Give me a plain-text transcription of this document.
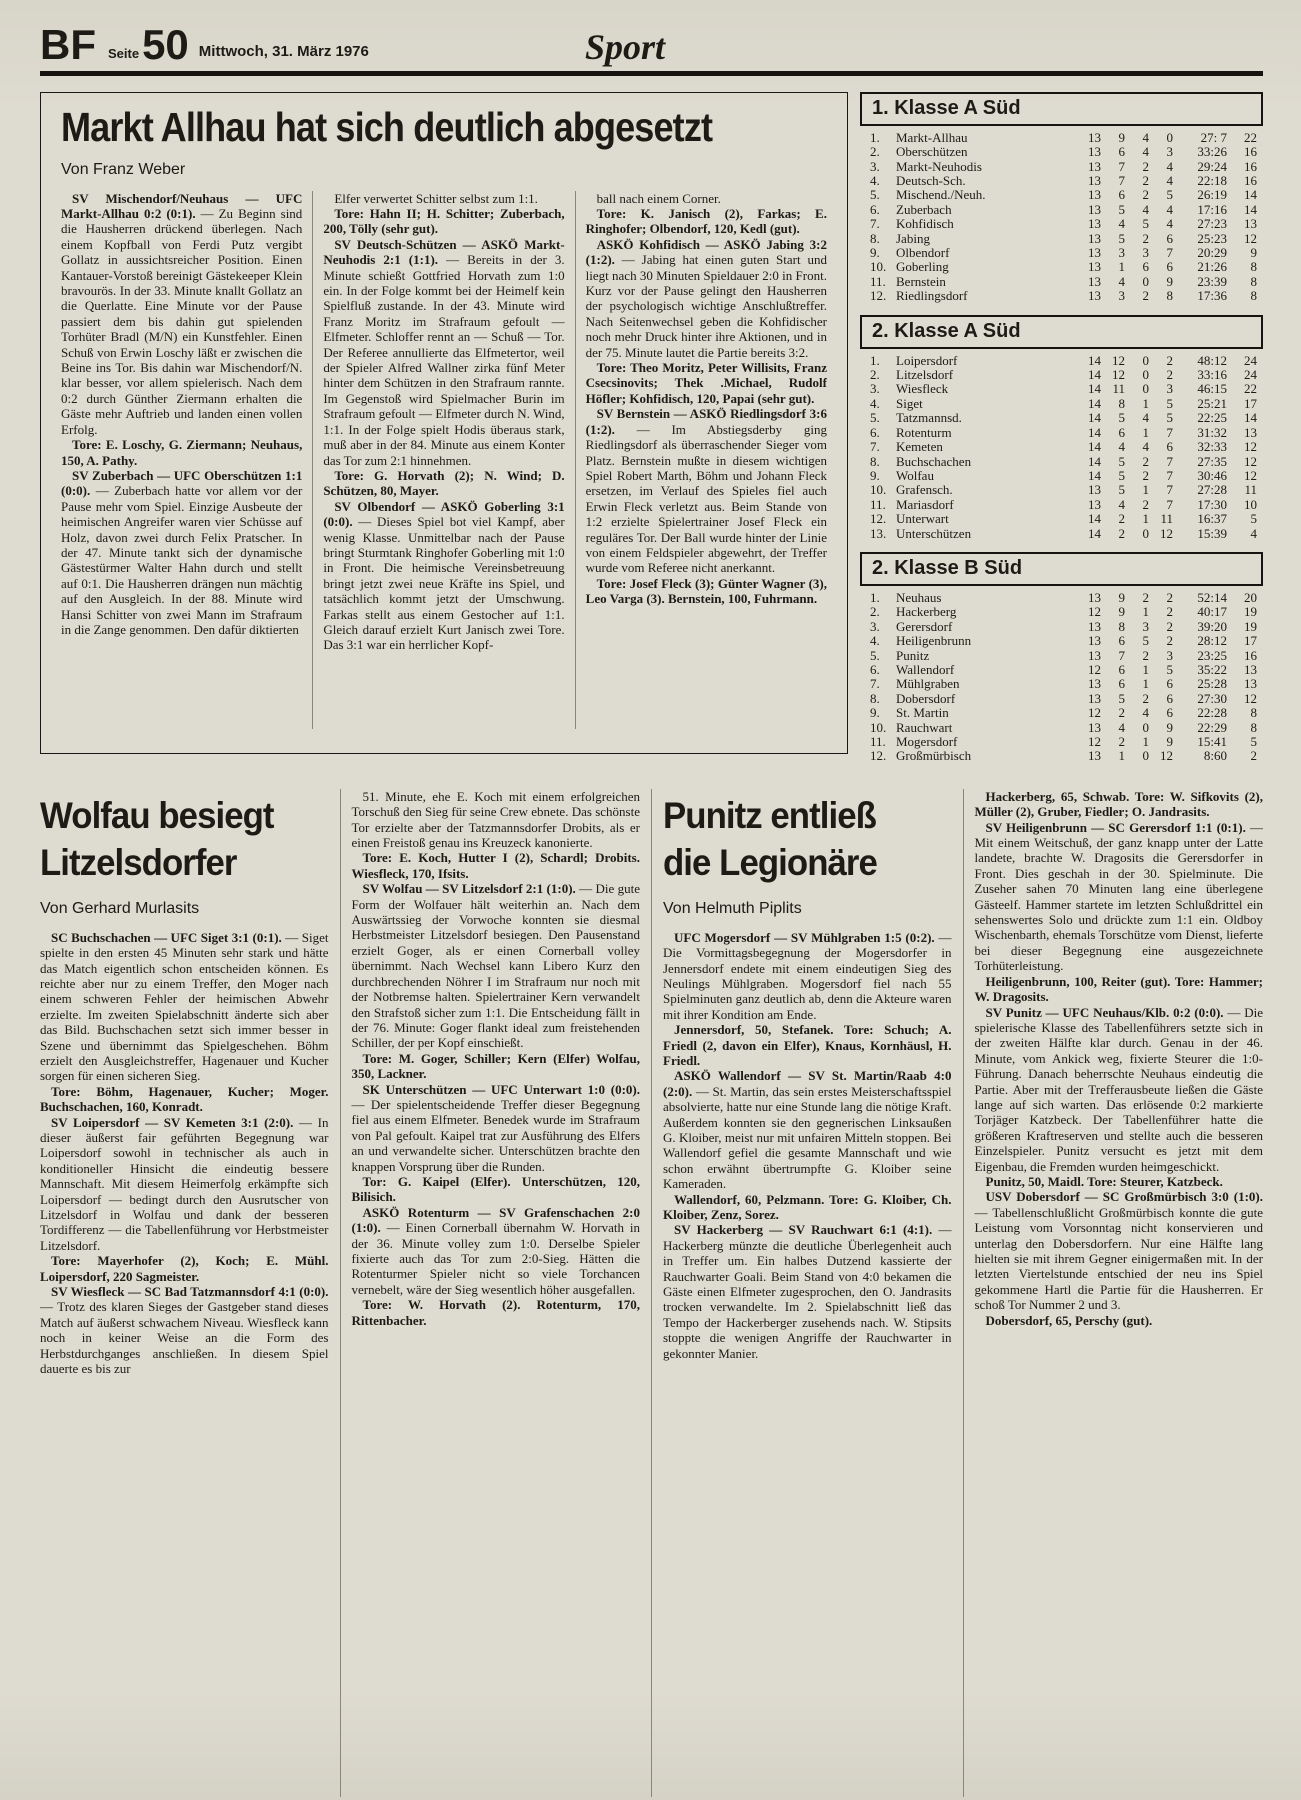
BF Seite 50 Mittwoch, 31. März 1976	Sport
Markt Allhau hat sich deutlich abgesetzt
Von Franz Weber

SV Mischendorf/Neuhaus — UFC Markt-Allhau 0:2 (0:1). — Zu Beginn sind die Hausherren drückend überlegen. Nach einem Kopfball von Ferdi Putz vergibt Gollatz in aussichtsreicher Position. Einen Kantauer-Vorstoß bereinigt Gästekeeper Klein bravourös. In der 33. Minute knallt Gollatz an die Querlatte. Eine Minute vor der Pause passiert dem bis dahin gut spielenden Torhüter Bradl (M/N) ein Kunstfehler. Einen Schuß von Erwin Loschy läßt er zwischen die Beine ins Tor. Bis dahin war Mischendorf/N. klar besser, vor allem spielerisch. Nach dem 0:2 durch Günther Ziermann erhalten die Gäste mehr Auftrieb und landen einen vollen Erfolg.

Tore: E. Loschy, G. Ziermann; Neuhaus, 150, A. Pathy.

SV Zuberbach — UFC Oberschützen 1:1 (0:0). — Zuberbach hatte vor allem vor der Pause mehr vom Spiel. Einzige Ausbeute der heimischen Angreifer waren vier Schüsse auf Holz, davon zwei durch Felix Pratscher. In der 47. Minute tankt sich der dynamische Gästestürmer Walter Hahn durch und stellt auf 0:1. Die Hausherren drängen nun mächtig auf den Ausgleich. In der 88. Minute wird Hansi Schitter von zwei Mann im Strafraum in die Zange genommen. Den dafür diktierten

Elfer verwertet Schitter selbst zum 1:1.

Tore: Hahn II; H. Schitter; Zuberbach, 200, Tölly (sehr gut).

SV Deutsch-Schützen — ASKÖ Markt-Neuhodis 2:1 (1:1). — Bereits in der 3. Minute schießt Gottfried Horvath zum 1:0 ein. In der Folge kommt bei der Heimelf kein Spielfluß zustande. In der 43. Minute wird Franz Moritz im Strafraum gefoult — Elfmeter. Schloffer rennt an — Schuß — Tor. Der Referee annullierte das Elfmetertor, weil der Spieler Alfred Wallner zirka fünf Meter hinter dem Schützen in den Strafraum rannte. Im Gegenstoß wird Spielmacher Burin im Strafraum gefoult — Elfmeter durch N. Wind, 1:1. In der Folge spielt Hodis überaus stark, muß aber in der 84. Minute aus einem Konter das Tor zum 2:1 hinnehmen.

Tore: G. Horvath (2); N. Wind; D. Schützen, 80, Mayer.

SV Olbendorf — ASKÖ Goberling 3:1 (0:0). — Dieses Spiel bot viel Kampf, aber wenig Klasse. Unmittelbar nach der Pause bringt Sturmtank Ringhofer Goberling mit 1:0 in Front. Die heimische Vereinsbetreuung bringt jetzt zwei neue Kräfte ins Spiel, und tatsächlich kommt jetzt der Umschwung. Farkas stellt aus einem Gestocher auf 1:1. Gleich darauf erzielt Kurt Janisch zwei Tore. Das 3:1 war ein herrlicher Kopf-

ball nach einem Corner.

Tore: K. Janisch (2), Farkas; E. Ringhofer; Olbendorf, 120, Kedl (gut).

ASKÖ Kohfidisch — ASKÖ Jabing 3:2 (1:2). — Jabing hat einen guten Start und liegt nach 30 Minuten Spieldauer 2:0 in Front. Kurz vor der Pause gelingt den Hausherren der psychologisch wichtige Anschlußtreffer. Nach Seitenwechsel geben die Kohfidischer noch mehr Druck hinter ihre Aktionen, und in der 75. Minute lautet die Partie bereits 3:2.

Tore: Theo Moritz, Peter Willisits, Franz Csecsinovits; Thek .Michael, Rudolf Höfler; Kohfidisch, 120, Papai (sehr gut).

SV Bernstein — ASKÖ Riedlingsdorf 3:6 (1:2). — Im Abstiegsderby ging Riedlingsdorf als überraschender Sieger vom Platz. Bernstein mußte in diesem wichtigen Spiel Robert Marth, Böhm und Johann Fleck ersetzen, im Verlauf des Spieles fiel auch Erwin Fleck verletzt aus. Beim Stande von 1:2 erzielte Spielertrainer Josef Fleck ein reguläres Tor. Der Ball wurde hinter der Linie von einem Feldspieler abgewehrt, der Treffer wurde vom Referee nicht anerkannt.

Tore: Josef Fleck (3); Günter Wagner (3), Leo Varga (3). Bernstein, 100, Fuhrmann.

1. Klasse A Süd
1.	Markt-Allhau	13	9	4	0	27: 7	22
2.	Oberschützen	13	6	4	3	33:26	16
3.	Markt-Neuhodis	13	7	2	4	29:24	16
4.	Deutsch-Sch.	13	7	2	4	22:18	16
5.	Mischend./Neuh.	13	6	2	5	26:19	14
6.	Zuberbach	13	5	4	4	17:16	14
7.	Kohfidisch	13	4	5	4	27:23	13
8.	Jabing	13	5	2	6	25:23	12
9.	Olbendorf	13	3	3	7	20:29	9
10. Goberling	13	1	6	6	21:26	8
11. Bernstein	13	4	0	9	23:39	8
12. Riedlingsdorf	13	3	2	8	17:36	8
2. Klasse A Süd
1.	Loipersdorf	14 12	0	2	48:12	24
2.	Litzelsdorf	14 12	0	2	33:16	24
3.	Wiesfleck	14 11	0	3	46:15	22
4.	Siget	14	8	1	5	25:21	17
5.	Tatzmannsd.	14	5	4	5	22:25	14
6.	Rotenturm	14	6	1	7	31:32	13
7.	Kemeten	14	4	4	6	32:33	12
8.	Buchschachen	14	5	2	7	27:35	12
9.	Wolfau	14	5	2	7	30:46	12
10. Grafensch.	13	5	1	7	27:28	11
11. Mariasdorf	13	4	2	7	17:30	10
12. Unterwart	14	2	1 11	16:37	5
13. Unterschützen	14	2	0 12	15:39	4
2. Klasse B Süd
1.	Neuhaus	13	9	2	2	52:14	20
2.	Hackerberg	12	9	1	2	40:17	19
3.	Gerersdorf	13	8	3	2	39:20	19
4.	Heiligenbrunn	13	6	5	2	28:12	17
5.	Punitz	13	7	2	3	23:25	16
6.	Wallendorf	12	6	1	5	35:22	13
7.	Mühlgraben	13	6	1	6	25:28	13
8.	Dobersdorf	13	5	2	6	27:30	12
9.	St. Martin	12	2	4	6	22:28	8
10. Rauchwart	13	4	0	9	22:29	8
11. Mogersdorf	12	2	1	9	15:41	5
12. Großmürbisch	13	1	0 12	8:60	2
Wolfau besiegt
Litzelsdorfer
Von Gerhard Murlasits

SC Buchschachen — UFC Siget 3:1 (0:1). — Siget spielte in den ersten 45 Minuten sehr stark und hätte das Match eigentlich schon entscheiden können. Es reichte aber nur zu einem Treffer, den Moger nach einem schweren Fehler der heimischen Abwehr erzielte. Im zweiten Spielabschnitt änderte sich aber das Bild. Buchschachen setzt sich immer besser in Szene und übernimmt das Spielgeschehen. Böhm erzielt den Ausgleichstreffer, Hagenauer und Kucher sorgen für einen sicheren Sieg.

Tore: Böhm, Hagenauer, Kucher; Moger. Buchschachen, 160, Konradt.

SV Loipersdorf — SV Kemeten 3:1 (2:0). — In dieser äußerst fair geführten Begegnung war Loipersdorf sowohl in technischer als auch in konditioneller Hinsicht die eindeutig bessere Mannschaft. Mit diesem Heimerfolg erkämpfte sich Loipersdorf — bedingt durch den Ausrutscher von Litzelsdorf in Wolfau und dank der besseren Tordifferenz — die Tabellenführung vor Herbstmeister Litzelsdorf.

Tore: Mayerhofer (2), Koch; E. Mühl. Loipersdorf, 220 Sagmeister.

SV Wiesfleck — SC Bad Tatzmannsdorf 4:1 (0:0). — Trotz des klaren Sieges der Gastgeber stand dieses Match auf äußerst schwachem Niveau. Wiesfleck kann noch in keiner Weise an die Form des Herbstdurchganges anschließen. In diesem Spiel dauerte es bis zur

51. Minute, ehe E. Koch mit einem erfolgreichen Torschuß den Sieg für seine Crew ebnete. Das schönste Tor erzielte aber der Tatzmannsdorfer Drobits, als er einen Freistoß genau ins Kreuzeck kanonierte.

Tore: E. Koch, Hutter I (2), Schardl; Drobits. Wiesfleck, 170, Ifsits.

SV Wolfau — SV Litzelsdorf 2:1 (1:0). — Die gute Form der Wolfauer hält weiterhin an. Nach dem Auswärtssieg der Vorwoche konnten sie diesmal Herbstmeister Litzelsdorf besiegen. Den Pausenstand erzielt Goger, als er einen Cornerball volley übernimmt. Nach Wechsel kann Libero Kurz den durchbrechenden Nöhrer I im Strafraum nur noch mit der Notbremse halten. Spielertrainer Kern verwandelt den Strafstoß sicher zum 1:1. Die Entscheidung fällt in der 76. Minute: Goger flankt ideal zum freistehenden Schiller, der per Kopf einschießt.

Tore: M. Goger, Schiller; Kern (Elfer) Wolfau, 350, Lackner.

SK Unterschützen — UFC Unterwart 1:0 (0:0). — Der spielentscheidende Treffer dieser Begegnung fiel aus einem Elfmeter. Benedek wurde im Strafraum von Pal gefoult. Kaipel trat zur Ausführung des Elfers an und verwandelte sicher. Unterschützen brachte den knappen Vorsprung über die Runden.

Tor: G. Kaipel (Elfer). Unterschützen, 120, Bilisich.

ASKÖ Rotenturm — SV Grafenschachen 2:0 (1:0). — Einen Cornerball übernahm W. Horvath in der 36. Minute volley zum 1:0. Derselbe Spieler fixierte auch das Tor zum 2:0-Sieg. Hätten die Rotenturmer Spieler nicht so viele Torchancen vernebelt, wäre der Sieg wesentlich höher ausgefallen.

Tore: W. Horvath (2). Rotenturm, 170, Rittenbacher.

Punitz entließ
die Legionäre
Von Helmuth Piplits

UFC Mogersdorf — SV Mühlgraben 1:5 (0:2). — Die Vormittagsbegegnung der Mogersdorfer in Jennersdorf endete mit einem eindeutigen Sieg des Neulings Mühlgraben. Mogersdorf fiel nach 55 Spielminuten ganz deutlich ab, denn die Akteure waren mit ihrer Kondition am Ende.

Jennersdorf, 50, Stefanek. Tore: Schuch; A. Friedl (2, davon ein Elfer), Knaus, Kornhäusl, H. Friedl.

ASKÖ Wallendorf — SV St. Martin/Raab 4:0 (2:0). — St. Martin, das sein erstes Meisterschaftsspiel absolvierte, hatte nur eine Stunde lang die nötige Kraft. Außerdem konnten sie den gegnerischen Linksaußen G. Kloiber, meist nur mit unfairen Mitteln stoppen. Bei Wallendorf gefiel die gesamte Mannschaft und wie schon erwähnt übertrumpfte G. Kloiber seine Kameraden.

Wallendorf, 60, Pelzmann. Tore: G. Kloiber, Ch. Kloiber, Zenz, Sorez.

SV Hackerberg — SV Rauchwart 6:1 (4:1). — Hackerberg münzte die deutliche Überlegenheit auch in Treffer um. Ein halbes Dutzend kassierte der Rauchwarter Goali. Beim Stand von 4:0 bekamen die Gäste einen Elfmeter zugesprochen, den O. Jandrasits trocken verwandelte. Im 2. Spielabschnitt ließ das Tempo der Hackerberger zusehends nach. W. Stipsits stoppte die wenigen Angriffe der Rauchwarter in gekonnter Manier.

Hackerberg, 65, Schwab. Tore: W. Sifkovits (2), Müller (2), Gruber, Fiedler; O. Jandrasits.

SV Heiligenbrunn — SC Gerersdorf 1:1 (0:1). — Mit einem Weitschuß, der ganz knapp unter der Latte landete, brachte W. Dragosits die Gerersdorfer in Front. Dies geschah in der 30. Spielminute. Die Zuseher sahen 70 Minuten lang eine überlegene Gästeelf. Hammer startete im letzten Schlußdrittel ein sehenswertes Solo und drückte zum 1:1 ein. Oldboy Wischenbarth, ehemals Torschütze vom Dienst, lieferte bei dieser Begegnung eine ausgezeichnete Torhüterleistung.

Heiligenbrunn, 100, Reiter (gut). Tore: Hammer; W. Dragosits.

SV Punitz — UFC Neuhaus/Klb. 0:2 (0:0). — Die spielerische Klasse des Tabellenführers setzte sich in der zweiten Hälfte klar durch. Genau in der 46. Minute, vom Ankick weg, fixierte Steurer die 1:0-Führung. Danach beherrschte Neuhaus eindeutig die Partie. Aber mit der Trefferausbeute ließen die Gäste lange auf sich warten. Das erlösende 0:2 markierte Torjäger Katzbeck. Der Tabellenführer hatte die größeren Kraftreserven und stellte auch die besseren Einzelspieler. Punitz versucht es jetzt mit dem Eigenbau, die Fremden wurden heimgeschickt.

Punitz, 50, Maidl. Tore: Steurer, Katzbeck.

USV Dobersdorf — SC Großmürbisch 3:0 (1:0). — Tabellenschlußlicht Großmürbisch konnte die gute Leistung vom Vorsonntag nicht konservieren und unterlag den Dobersdorfern. Nur eine Hälfte lang hielten sie mit ihrem Gegner einigermaßen mit. In der letzten Viertelstunde entschied der neu ins Spiel gekommene Hartl die Partie für die Hausherren. Er schoß Tor Nummer 2 und 3.

Dobersdorf, 65, Perschy (gut).
